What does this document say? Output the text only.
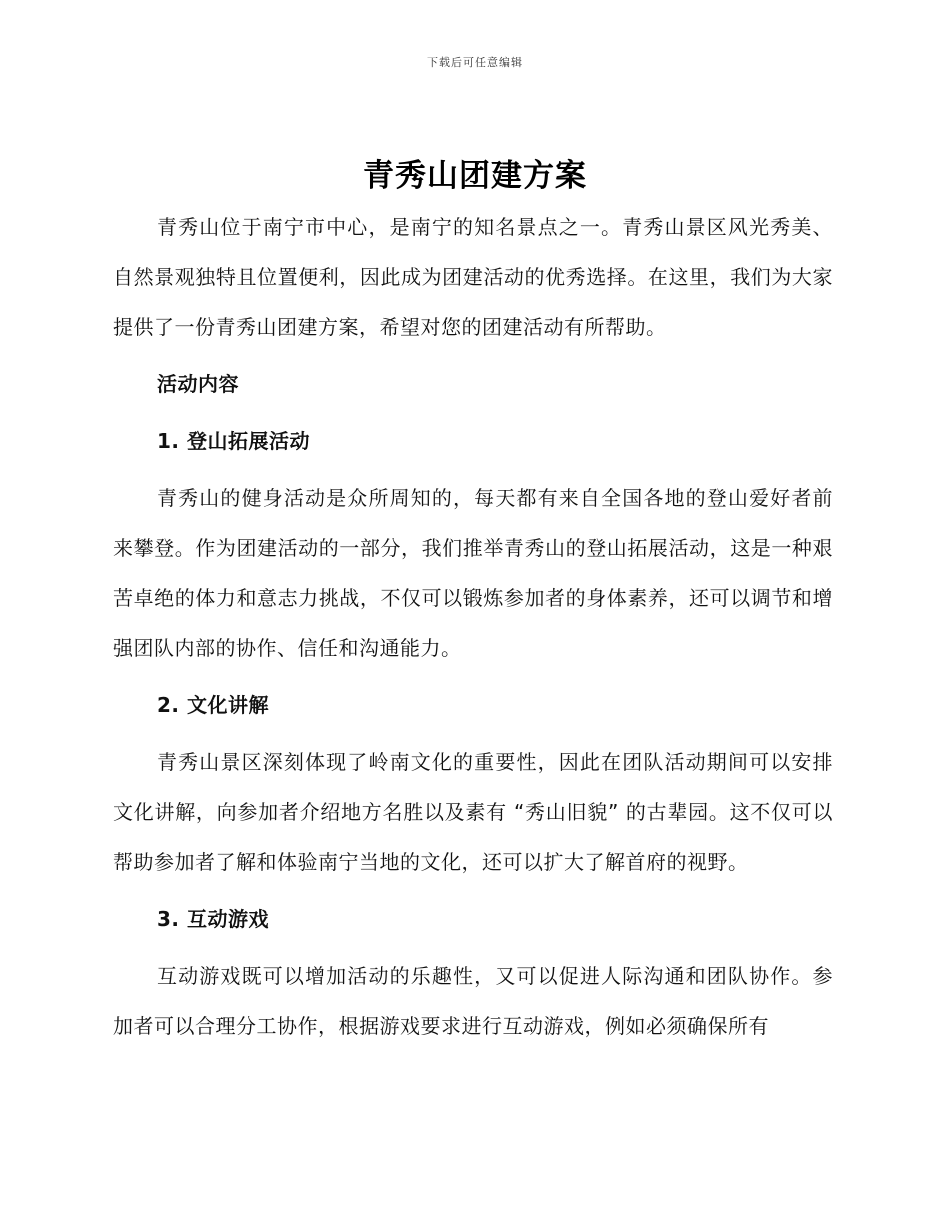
下载后可任意编辑
青秀山团建方案

青秀山位于南宁市中心，是南宁的知名景点之一。青秀山景区风光秀美、自然景观独特且位置便利，因此成为团建活动的优秀选择。在这里，我们为大家提供了一份青秀山团建方案，希望对您的团建活动有所帮助。

活动内容
1. 登山拓展活动

青秀山的健身活动是众所周知的，每天都有来自全国各地的登山爱好者前来攀登。作为团建活动的一部分，我们推举青秀山的登山拓展活动，这是一种艰苦卓绝的体力和意志力挑战，不仅可以锻炼参加者的身体素养，还可以调节和增强团队内部的协作、信任和沟通能力。

2. 文化讲解

青秀山景区深刻体现了岭南文化的重要性，因此在团队活动期间可以安排文化讲解，向参加者介绍地方名胜以及素有 “秀山旧貌” 的古辈园。这不仅可以帮助参加者了解和体验南宁当地的文化，还可以扩大了解首府的视野。

3. 互动游戏

互动游戏既可以增加活动的乐趣性，又可以促进人际沟通和团队协作。参加者可以合理分工协作，根据游戏要求进行互动游戏，例如必须确保所有
